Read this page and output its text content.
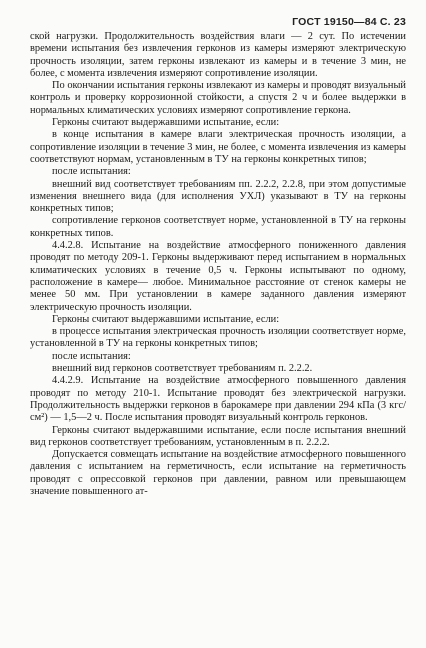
ГОСТ 19150—84 С. 23

ской нагрузки. Продолжительность воздействия влаги — 2 сут. По истечении времени испытания без извлечения герконов из камеры измеряют электрическую прочность изоляции, затем герконы извлекают из камеры и в течение 3 мин, не более, с момента извлечения измеряют сопротивление изоляции.

По окончании испытания герконы извлекают из камеры и проводят визуальный контроль и проверку коррозионной стойкости, а спустя 2 ч и более выдержки в нормальных климатических условиях измеряют сопротивление геркона.

Герконы считают выдержавшими испытание, если:

в конце испытания в камере влаги электрическая прочность изоляции, а сопротивление изоляции в течение 3 мин, не более, с момента извлечения из камеры соответствуют нормам, установленным в ТУ на герконы конкретных типов;

после испытания:

внешний вид соответствует требованиям пп. 2.2.2, 2.2.8, при этом допустимые изменения внешнего вида (для исполнения УХЛ) указывают в ТУ на герконы конкретных типов;

сопротивление герконов соответствует норме, установленной в ТУ на герконы конкретных типов.

4.4.2.8. Испытание на воздействие атмосферного пониженного давления проводят по методу 209-1. Герконы выдерживают перед испытанием в нормальных климатических условиях в течение 0,5 ч. Герконы испытывают по одному, расположение в камере— любое. Минимальное расстояние от стенок камеры не менее 50 мм. При установлении в камере заданного давления измеряют электрическую прочность изоляции.

Герконы считают выдержавшими испытание, если:

в процессе испытания электрическая прочность изоляции соответствует норме, установленной в ТУ на герконы конкретных типов;

после испытания:

внешний вид герконов соответствует требованиям п. 2.2.2.

4.4.2.9. Испытание на воздействие атмосферного повышенного давления проводят по методу 210-1. Испытание проводят без электрической нагрузки. Продолжительность выдержки герконов в барокамере при давлении 294 кПа (3 кгс/см²) — 1,5—2 ч. После испытания проводят визуальный контроль герконов.

Герконы считают выдержавшими испытание, если после испытания внешний вид герконов соответствует требованиям, установленным в п. 2.2.2.

Допускается совмещать испытание на воздействие атмосферного повышенного давления с испытанием на герметичность, если испытание на герметичность проводят с опрессовкой герконов при давлении, равном или превышающем значение повышенного ат-
